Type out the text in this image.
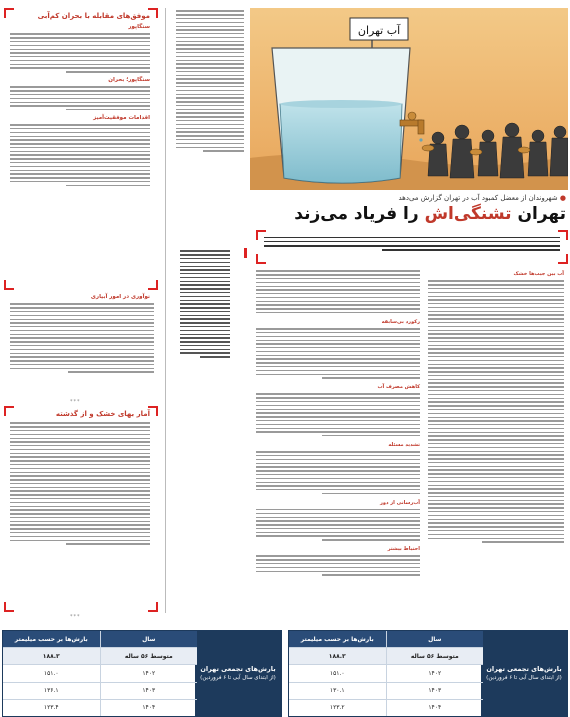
موفق‌های مقابله با بحران کم‌آبی
سنگاپور
سنگاپور؛ بحران
اقدامات موفقیت‌آمیز
نوآوری در امور آبیاری
***
آمار بهای خشک و از گذشته
***
آب تهران
● شهروندان از معضل کمبود آب در تهران گزارش می‌دهد
تهران تشنگی‌اش را فریاد می‌زند
آب بین جیب‌ها خشک
رکورد بی‌سابقه
کاهش مصرف آب
تشدید مسئله
آب‌رسانی از دور
احتیاط بیشتر
بارش‌های تجمعی تهران
(از ابتدای سال آبی تا ۶ فروردین)
سال
بارش‌ها بر حسب میلیمتر
متوسط ۵۶ ساله
۱۸۸.۳
۱۴۰۲
۱۵۱.۰
۱۴۰۳
۱۳۰.۱
۱۴۰۴
۱۲۳.۲
بارش‌های تجمعی تهران
(از ابتدای سال آبی تا ۶ فروردین)
سال
بارش‌ها بر حسب میلیمتر
متوسط ۵۶ ساله
۱۸۸.۳
۱۴۰۲
۱۵۱.۰
۱۴۰۳
۱۳۶.۱
۱۴۰۴
۱۲۳.۴
